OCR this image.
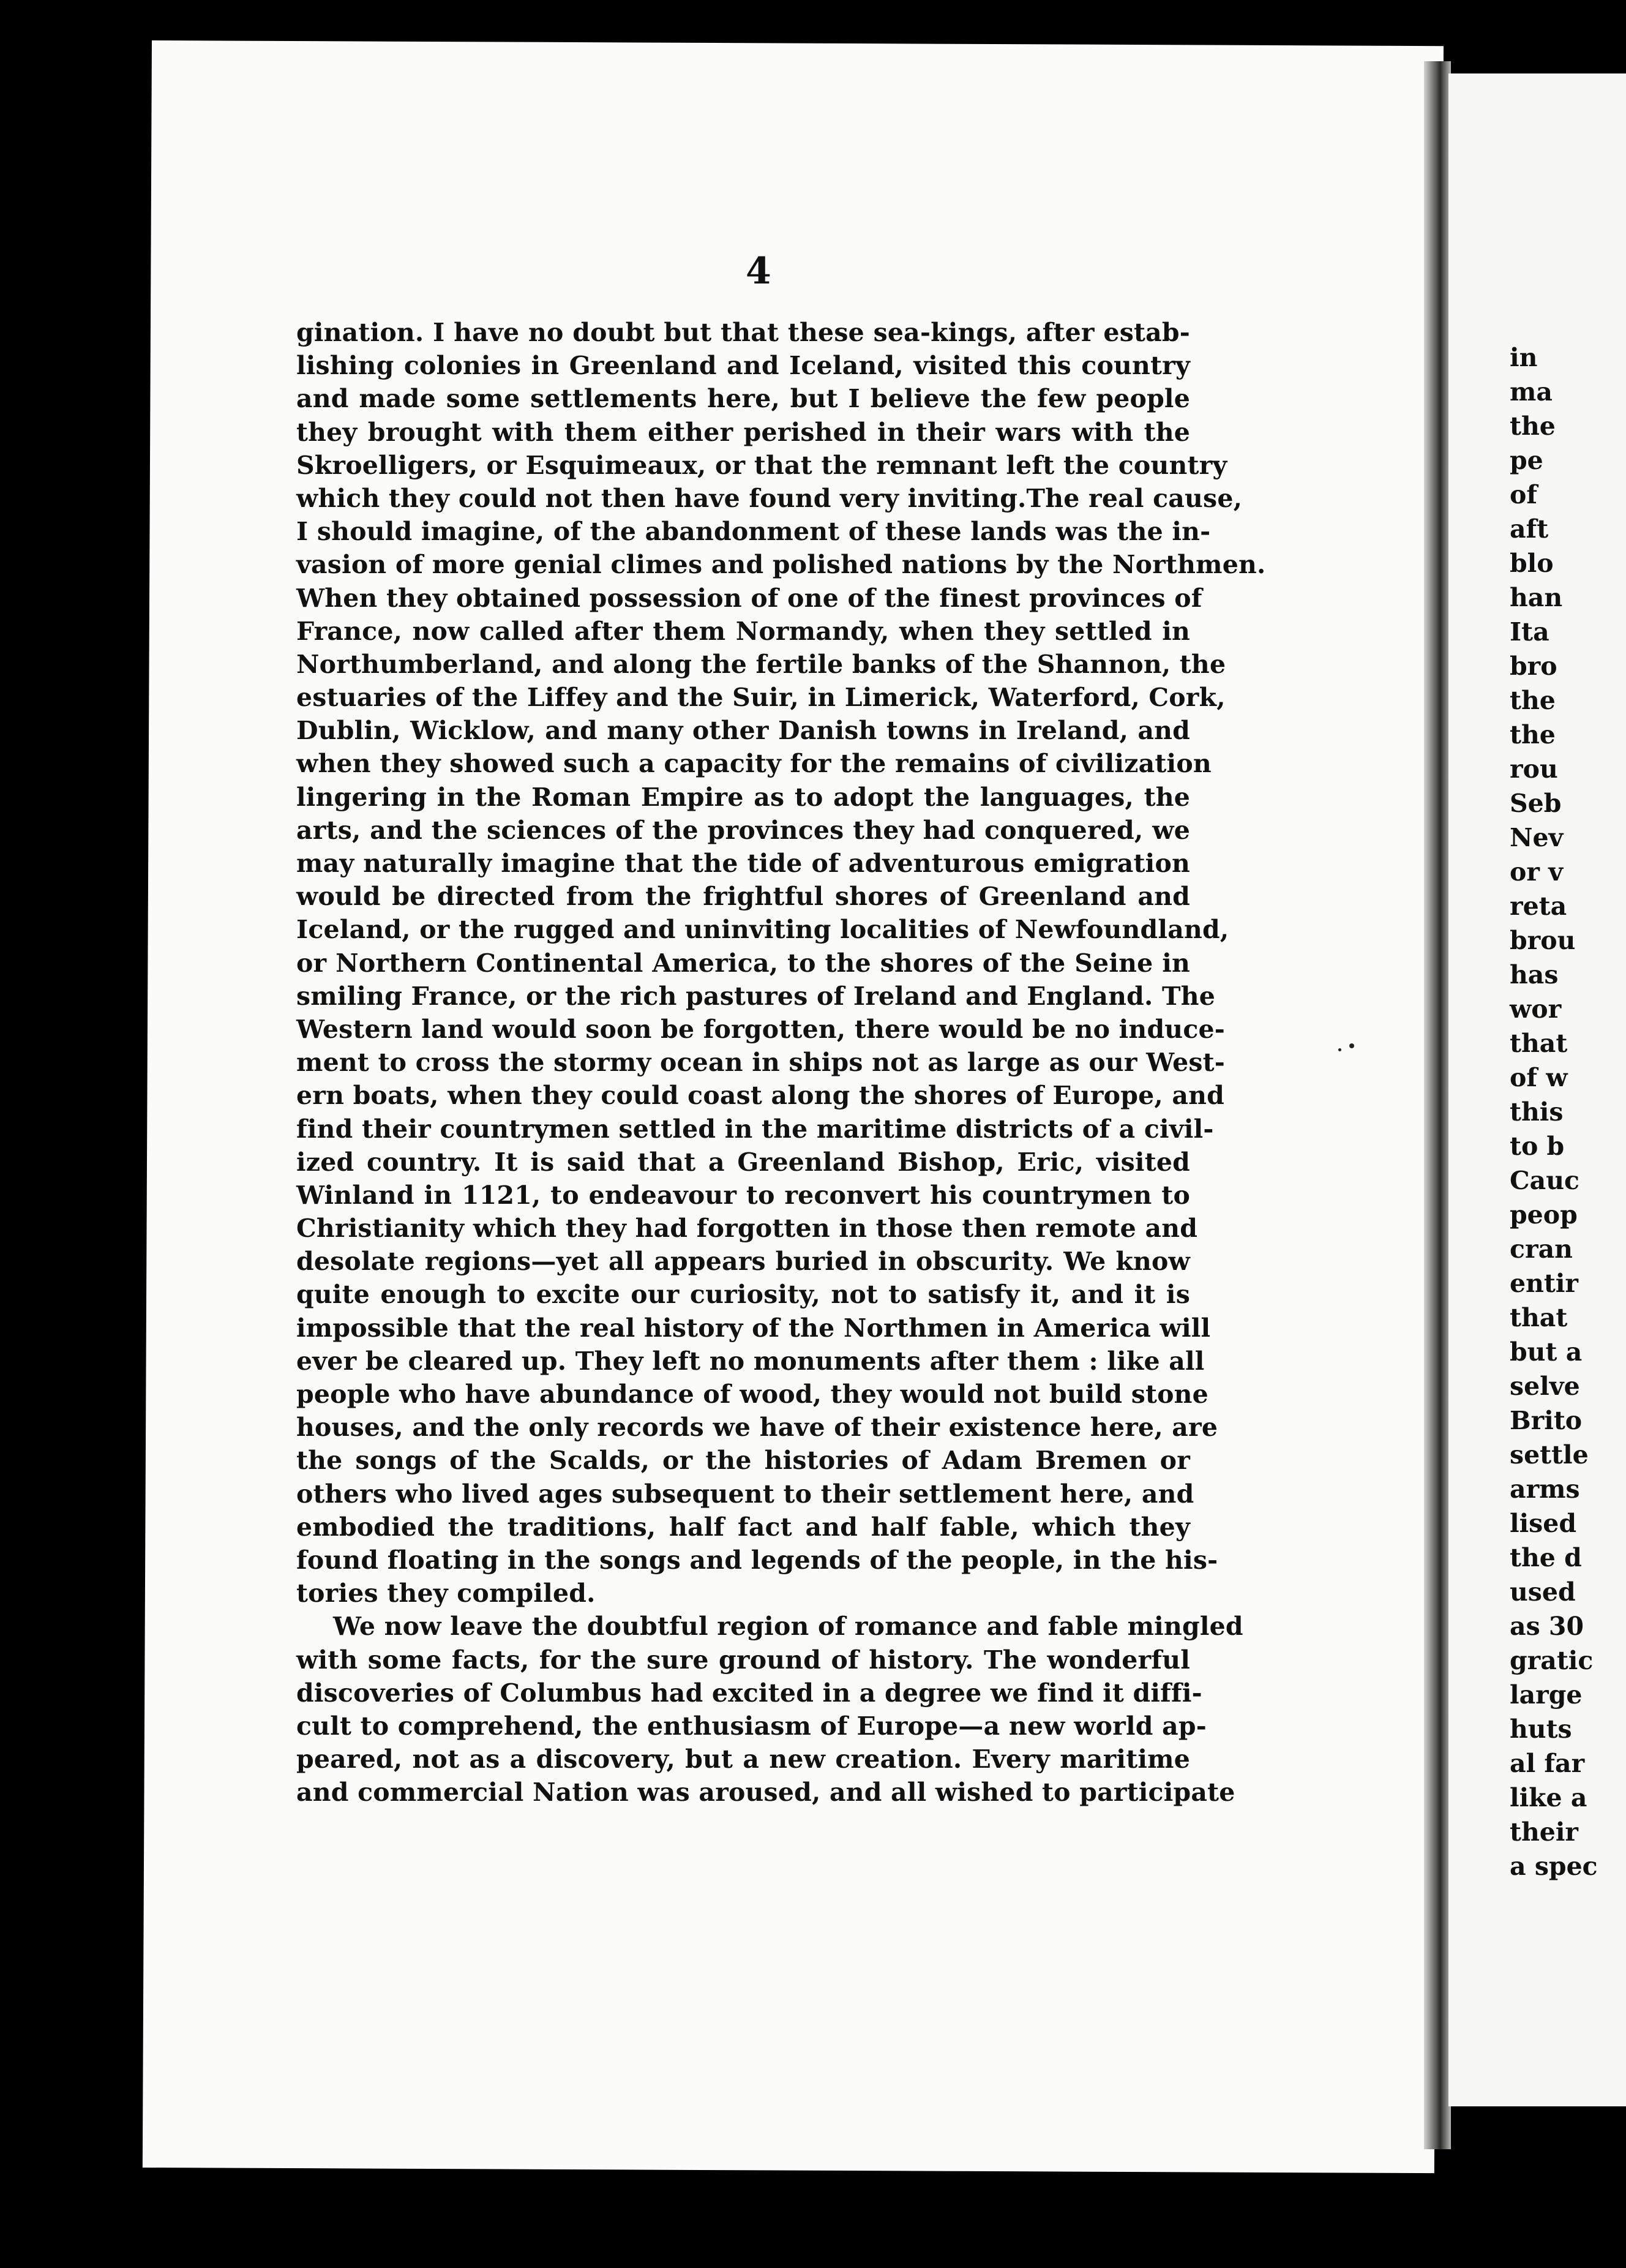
4
gination. I have no doubt but that these sea-kings, after estab-
lishing colonies in Greenland and Iceland, visited this country
and made some settlements here, but I believe the few people
they brought with them either perished in their wars with the
Skroelligers, or Esquimeaux, or that the remnant left the country
which they could not then have found very inviting.The real cause,
I should imagine, of the abandonment of these lands was the in-
vasion of more genial climes and polished nations by the Northmen.
When they obtained possession of one of the finest provinces of
France, now called after them Normandy, when they settled in
Northumberland, and along the fertile banks of the Shannon, the
estuaries of the Liffey and the Suir, in Limerick, Waterford, Cork,
Dublin, Wicklow, and many other Danish towns in Ireland, and
when they showed such a capacity for the remains of civilization
lingering in the Roman Empire as to adopt the languages, the
arts, and the sciences of the provinces they had conquered, we
may naturally imagine that the tide of adventurous emigration
would be directed from the frightful shores of Greenland and
Iceland, or the rugged and uninviting localities of Newfoundland,
or Northern Continental America, to the shores of the Seine in
smiling France, or the rich pastures of Ireland and England. The
Western land would soon be forgotten, there would be no induce-
ment to cross the stormy ocean in ships not as large as our West-
ern boats, when they could coast along the shores of Europe, and
find their countrymen settled in the maritime districts of a civil-
ized country. It is said that a Greenland Bishop, Eric, visited
Winland in 1121, to endeavour to reconvert his countrymen to
Christianity which they had forgotten in those then remote and
desolate regions—yet all appears buried in obscurity. We know
quite enough to excite our curiosity, not to satisfy it, and it is
impossible that the real history of the Northmen in America will
ever be cleared up. They left no monuments after them : like all
people who have abundance of wood, they would not build stone
houses, and the only records we have of their existence here, are
the songs of the Scalds, or the histories of Adam Bremen or
others who lived ages subsequent to their settlement here, and
embodied the traditions, half fact and half fable, which they
found floating in the songs and legends of the people, in the his-
tories they compiled.
We now leave the doubtful region of romance and fable mingled
with some facts, for the sure ground of history. The wonderful
discoveries of Columbus had excited in a degree we find it diffi-
cult to comprehend, the enthusiasm of Europe—a new world ap-
peared, not as a discovery, but a new creation. Every maritime
and commercial Nation was aroused, and all wished to participate
in
ma
the
pe
of
aft
blo
han
Ita
bro
the
the
rou
Seb
Nev
or v
reta
brou
has
wor
that
of w
this
to b
Cauc
peop
cran
entir
that
but a
selve
Brito
settle
arms
lised
the d
used
as 30
gratic
large
huts
al far
like a
their
a spec
